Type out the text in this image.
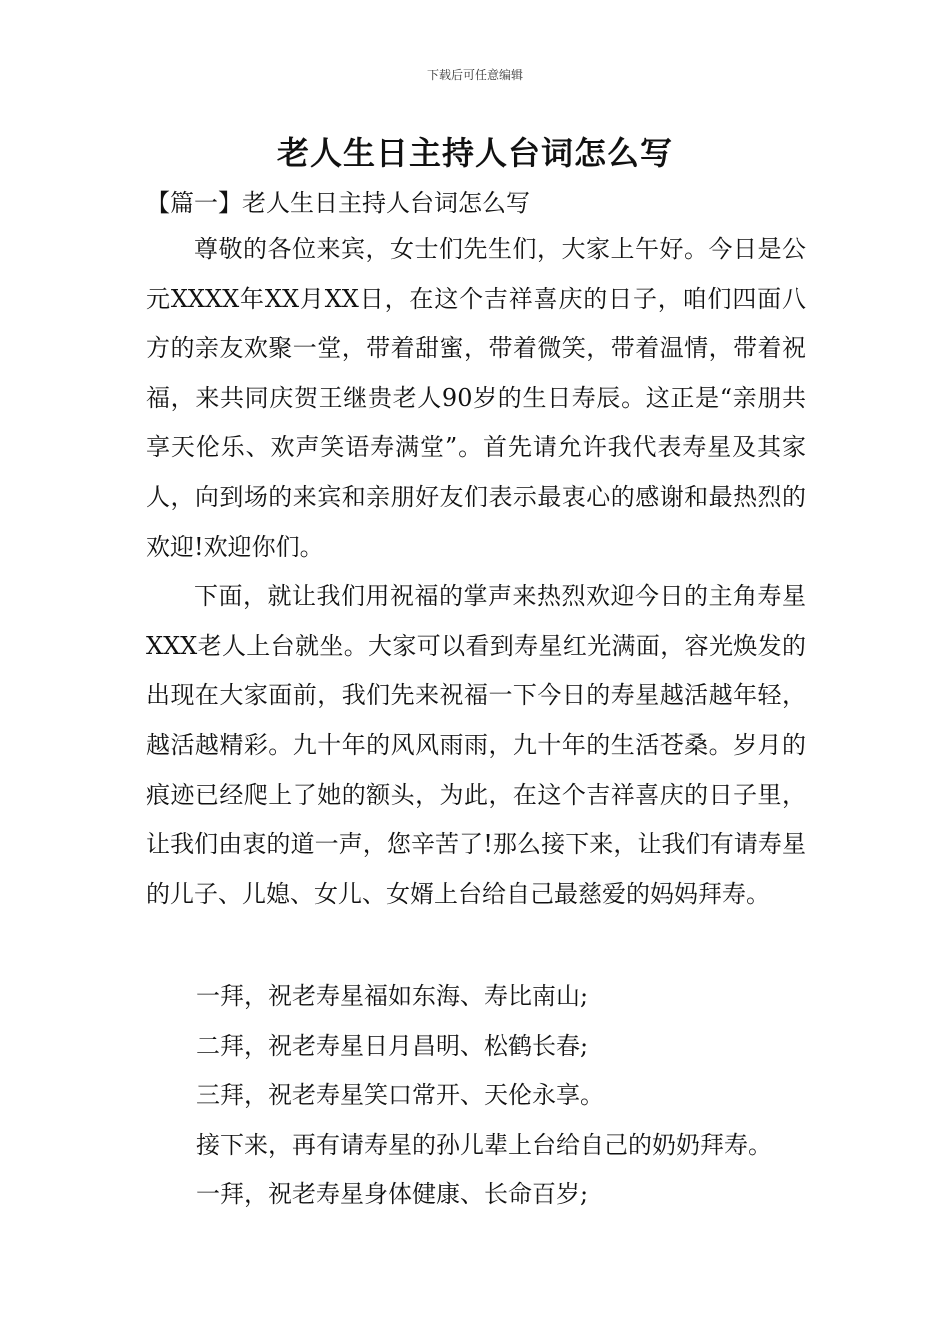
下载后可任意编辑
老人生日主持人台词怎么写
【篇一】老人生日主持人台词怎么写

尊敬的各位来宾，女士们先生们，大家上午好。今日是公元XXXX年XX月XX日，在这个吉祥喜庆的日子，咱们四面八方的亲友欢聚一堂，带着甜蜜，带着微笑，带着温情，带着祝福，来共同庆贺王继贵老人90岁的生日寿辰。这正是“亲朋共享天伦乐、欢声笑语寿满堂”。首先请允许我代表寿星及其家人，向到场的来宾和亲朋好友们表示最衷心的感谢和最热烈的欢迎!欢迎你们。

下面，就让我们用祝福的掌声来热烈欢迎今日的主角寿星XXX老人上台就坐。大家可以看到寿星红光满面，容光焕发的出现在大家面前，我们先来祝福一下今日的寿星越活越年轻，越活越精彩。九十年的风风雨雨，九十年的生活苍桑。岁月的痕迹已经爬上了她的额头，为此，在这个吉祥喜庆的日子里，让我们由衷的道一声，您辛苦了!那么接下来，让我们有请寿星的儿子、儿媳、女儿、女婿上台给自己最慈爱的妈妈拜寿。

一拜，祝老寿星福如东海、寿比南山;

二拜，祝老寿星日月昌明、松鹤长春;

三拜，祝老寿星笑口常开、天伦永享。

接下来，再有请寿星的孙儿辈上台给自己的奶奶拜寿。

一拜，祝老寿星身体健康、长命百岁;
